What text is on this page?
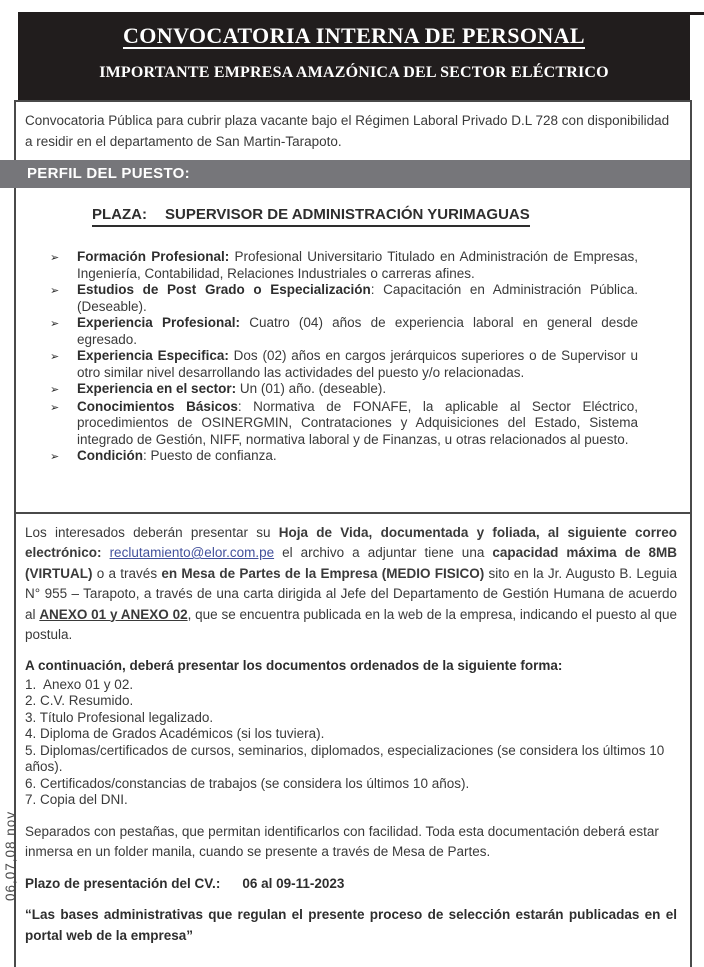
CONVOCATORIA INTERNA DE PERSONAL
IMPORTANTE EMPRESA AMAZÓNICA DEL SECTOR ELÉCTRICO
Convocatoria Pública para cubrir plaza vacante bajo el Régimen Laboral Privado D.L 728 con disponibilidad a residir en el departamento de San Martin-Tarapoto.
PERFIL DEL PUESTO:
PLAZA: SUPERVISOR DE ADMINISTRACIÓN YURIMAGUAS
➢	Formación Profesional: Profesional Universitario Titulado en Administración de Empresas, Ingeniería, Contabilidad, Relaciones Industriales o carreras afines.
➢	Estudios de Post Grado o Especialización: Capacitación en Administración Pública. (Deseable).
➢	Experiencia Profesional: Cuatro (04) años de experiencia laboral en general desde egresado.
➢	Experiencia Especifica: Dos (02) años en cargos jerárquicos superiores o de Supervisor u otro similar nivel desarrollando las actividades del puesto y/o relacionadas.
➢	Experiencia en el sector: Un (01) año. (deseable).
➢	Conocimientos Básicos: Normativa de FONAFE, la aplicable al Sector Eléctrico, procedimientos de OSINERGMIN, Contrataciones y Adquisiciones del Estado, Sistema integrado de Gestión, NIFF, normativa laboral y de Finanzas, u otras relacionados al puesto.
➢	Condición: Puesto de confianza.
Los interesados deberán presentar su Hoja de Vida, documentada y foliada, al siguiente correo electrónico: reclutamiento@elor.com.pe el archivo a adjuntar tiene una capacidad máxima de 8MB (VIRTUAL) o a través en Mesa de Partes de la Empresa (MEDIO FISICO) sito en la Jr. Augusto B. Leguia N° 955 – Tarapoto, a través de una carta dirigida al Jefe del Departamento de Gestión Humana de acuerdo al ANEXO 01 y ANEXO 02, que se encuentra publicada en la web de la empresa, indicando el puesto al que postula.
A continuación, deberá presentar los documentos ordenados de la siguiente forma:
1.  Anexo 01 y 02.
2. C.V. Resumido.
3. Título Profesional legalizado.
4. Diploma de Grados Académicos (si los tuviera).
5. Diplomas/certificados de cursos, seminarios, diplomados, especializaciones (se considera los últimos 10 años).
6. Certificados/constancias de trabajos (se considera los últimos 10 años).
7. Copia del DNI.
Separados con pestañas, que permitan identificarlos con facilidad. Toda esta documentación deberá estar inmersa en un folder manila, cuando se presente a través de Mesa de Partes.
Plazo de presentación del CV.: 06 al 09-11-2023
“Las bases administrativas que regulan el presente proceso de selección estarán publicadas en el portal web de la empresa”
06,07,08 nov
